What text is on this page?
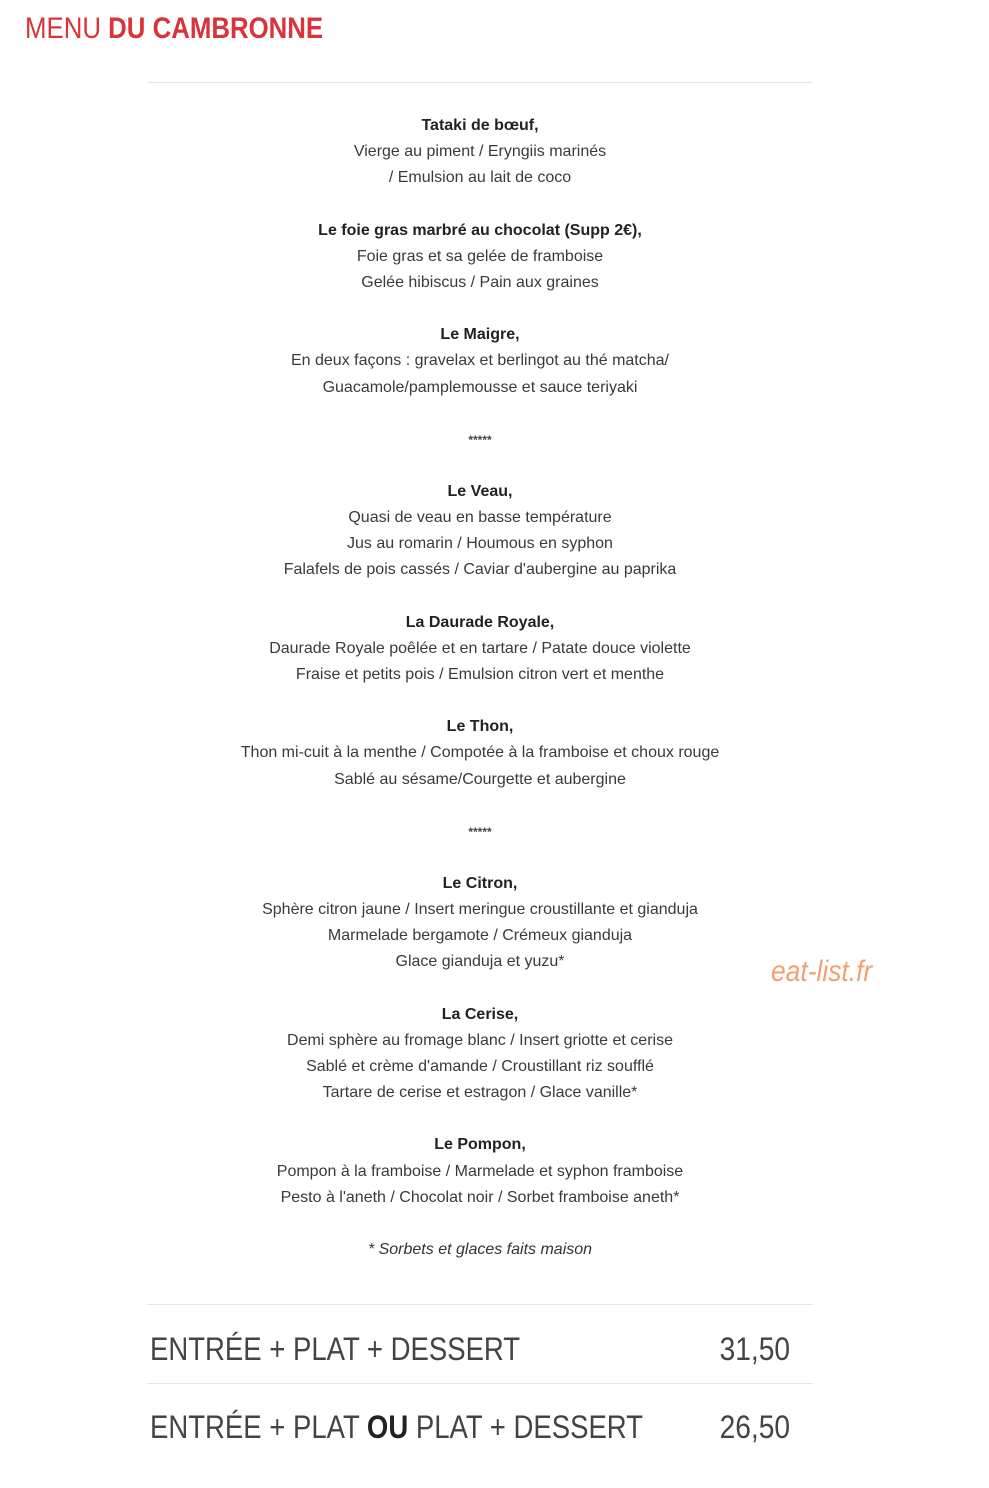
MENU DU CAMBRONNE
Tataki de bœuf,
Vierge au piment / Eryngiis marinés
/ Emulsion au lait de coco
Le foie gras marbré au chocolat (Supp 2€),
Foie gras et sa gelée de framboise
Gelée hibiscus / Pain aux graines
Le Maigre,
En deux façons : gravelax et berlingot au thé matcha/
Guacamole/pamplemousse et sauce teriyaki
*****
Le Veau,
Quasi de veau en basse température
Jus au romarin / Houmous en syphon
Falafels de pois cassés / Caviar d'aubergine au paprika
La Daurade Royale,
Daurade Royale poêlée et en tartare / Patate douce violette
Fraise et petits pois / Emulsion citron vert et menthe
Le Thon,
Thon mi-cuit à la menthe / Compotée à la framboise et choux rouge
Sablé au sésame/Courgette et aubergine
*****
Le Citron,
Sphère citron jaune / Insert meringue croustillante et gianduja
Marmelade bergamote / Crémeux gianduja
Glace gianduja et yuzu*
La Cerise,
Demi sphère au fromage blanc / Insert griotte et cerise
Sablé et crème d'amande / Croustillant riz soufflé
Tartare de cerise et estragon / Glace vanille*
Le Pompon,
Pompon à la framboise / Marmelade et syphon framboise
Pesto à l'aneth / Chocolat noir / Sorbet framboise aneth*
* Sorbets et glaces faits maison
eat-list.fr
ENTRÉE + PLAT + DESSERT	31,50
ENTRÉE + PLAT OU PLAT + DESSERT 26,50
